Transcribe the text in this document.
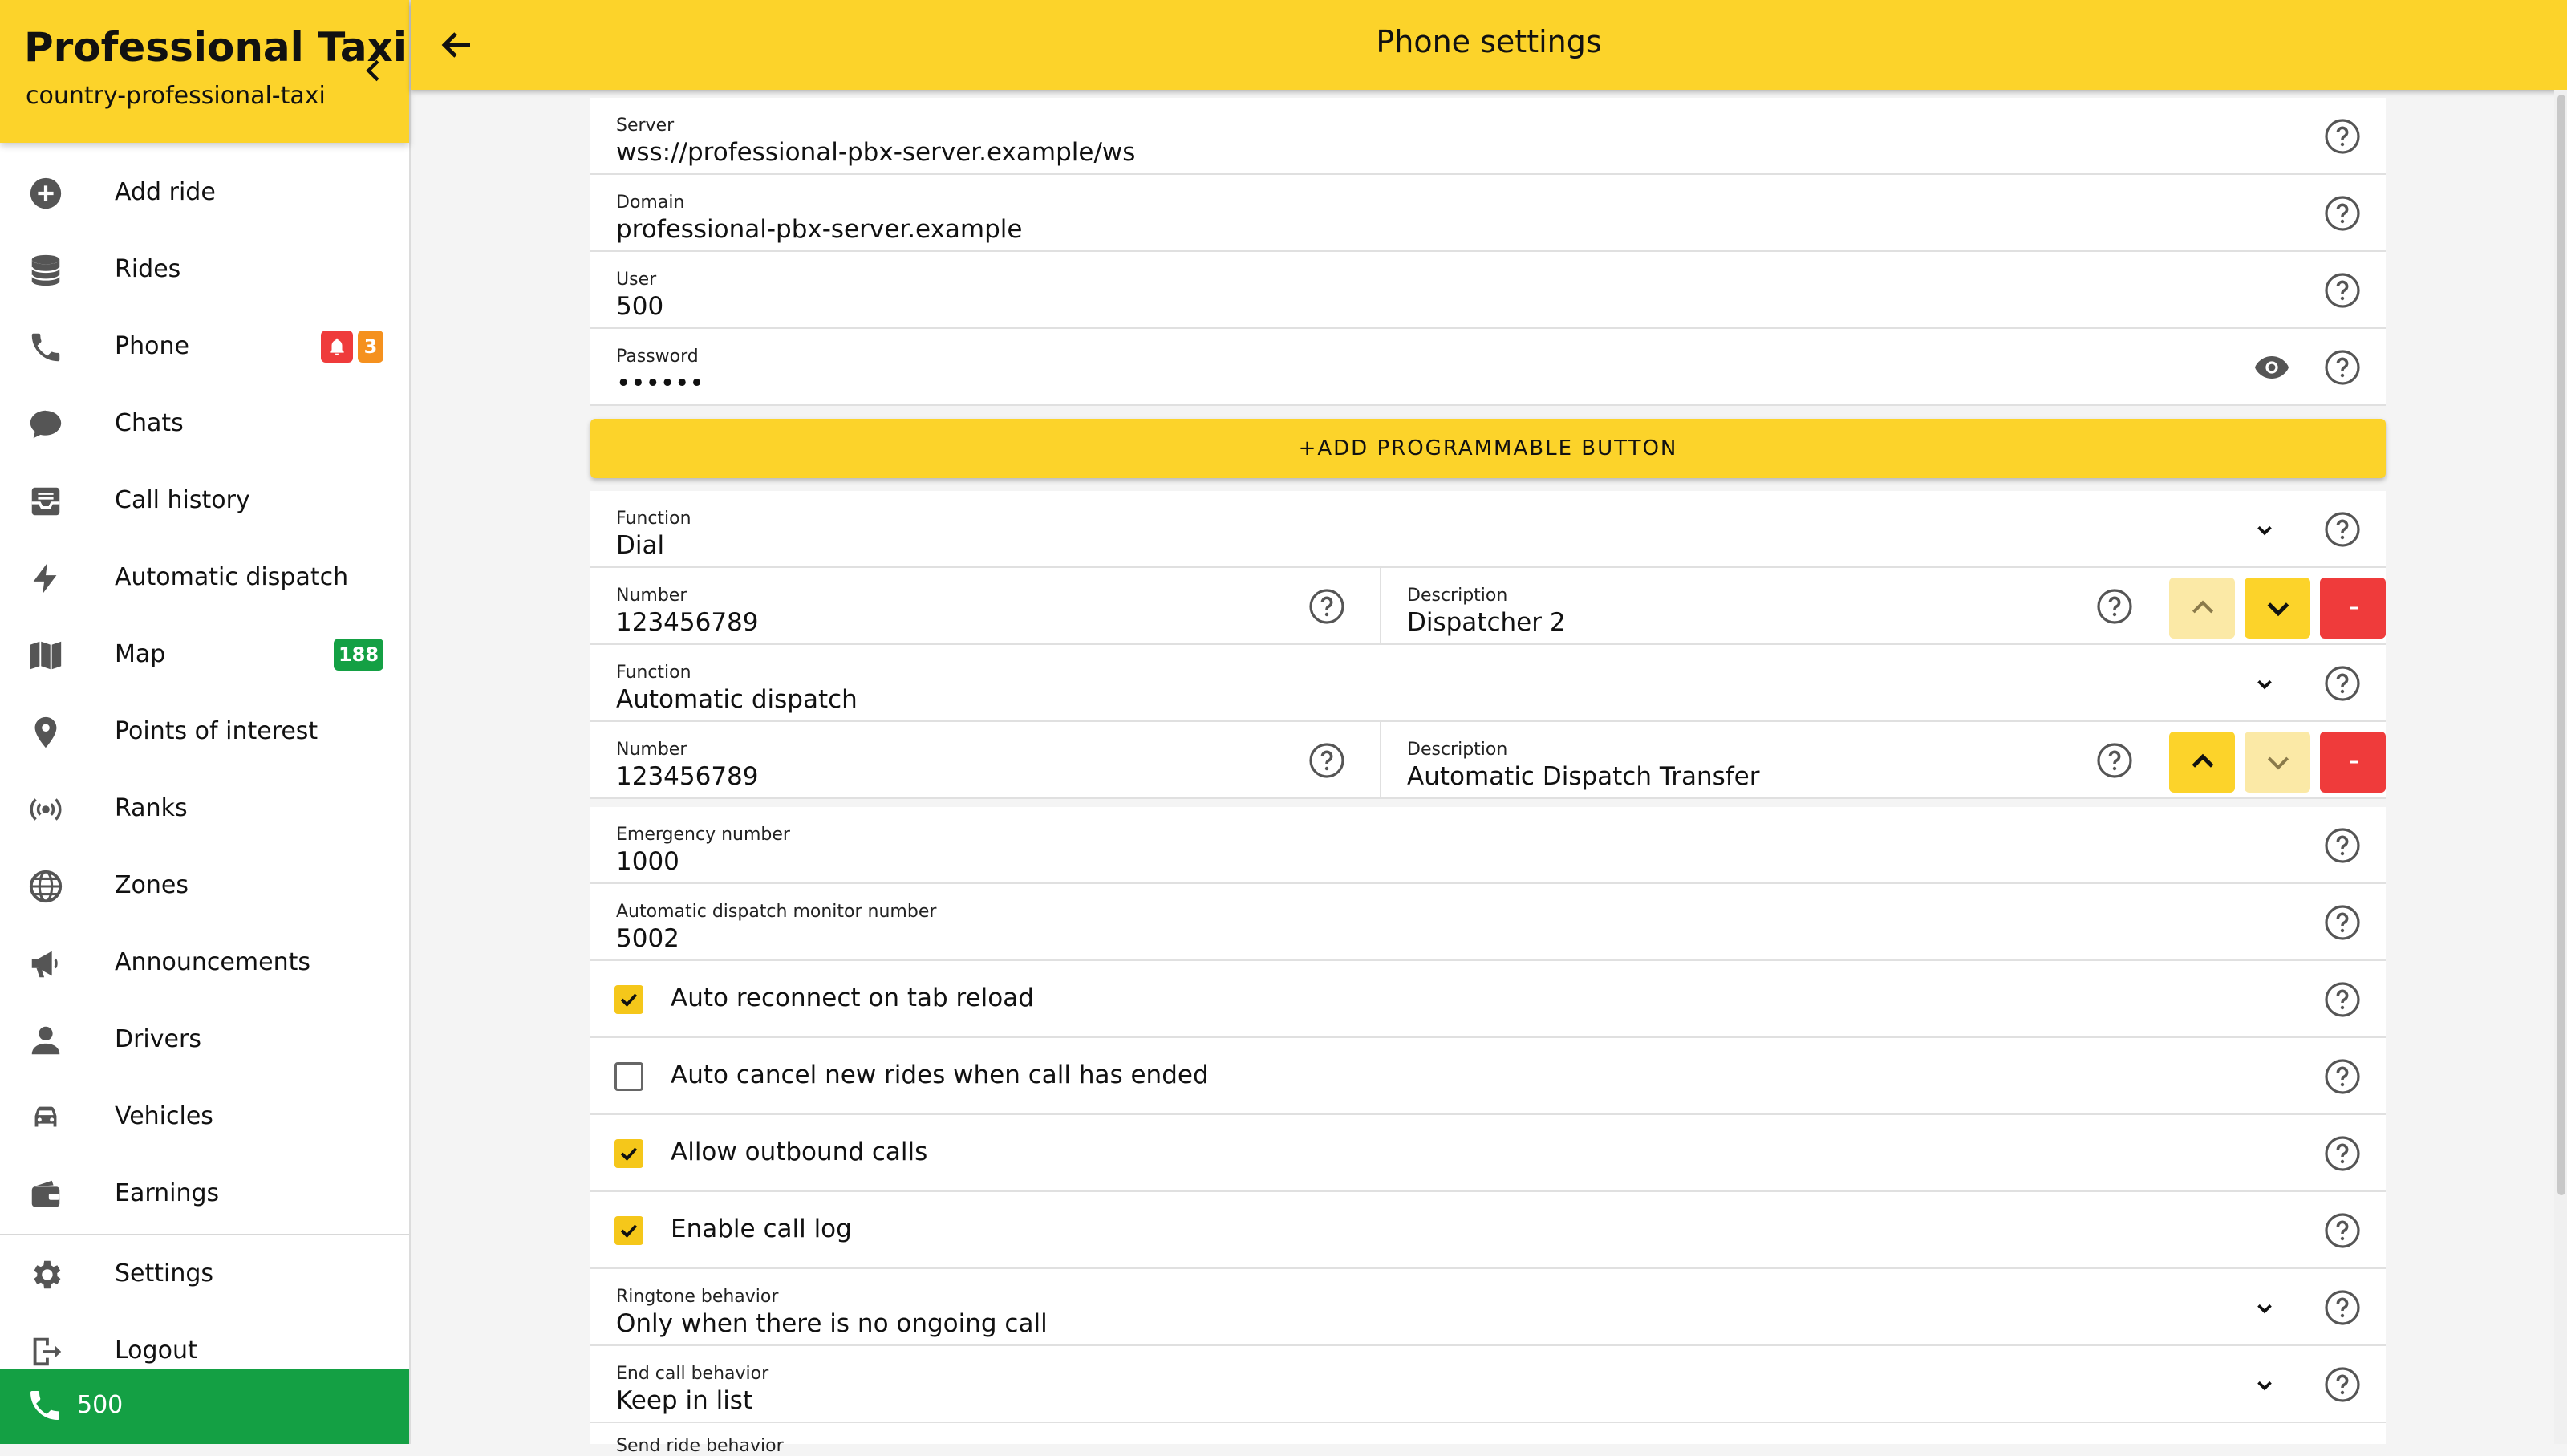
Professional Taxi
country-professional-taxi
Add ride
Rides
Phone	3
Chats
Call history
Automatic dispatch
Map	188
Points of interest
Ranks
Zones
Announcements
Drivers
Vehicles
Earnings
Settings
Logout
500
Phone settings
Server
wss://professional-pbx-server.example/ws
Domain
professional-pbx-server.example
User
500
Password
••••••
+ADD PROGRAMMABLE BUTTON
Function
Dial
Number
123456789
Description
Dispatcher 2
Function
Automatic dispatch
Number
123456789
Description
Automatic Dispatch Transfer
Emergency number
1000
Automatic dispatch monitor number
5002
Auto reconnect on tab reload
Auto cancel new rides when call has ended
Allow outbound calls
Enable call log
Ringtone behavior
Only when there is no ongoing call
End call behavior
Keep in list
Send ride behavior
